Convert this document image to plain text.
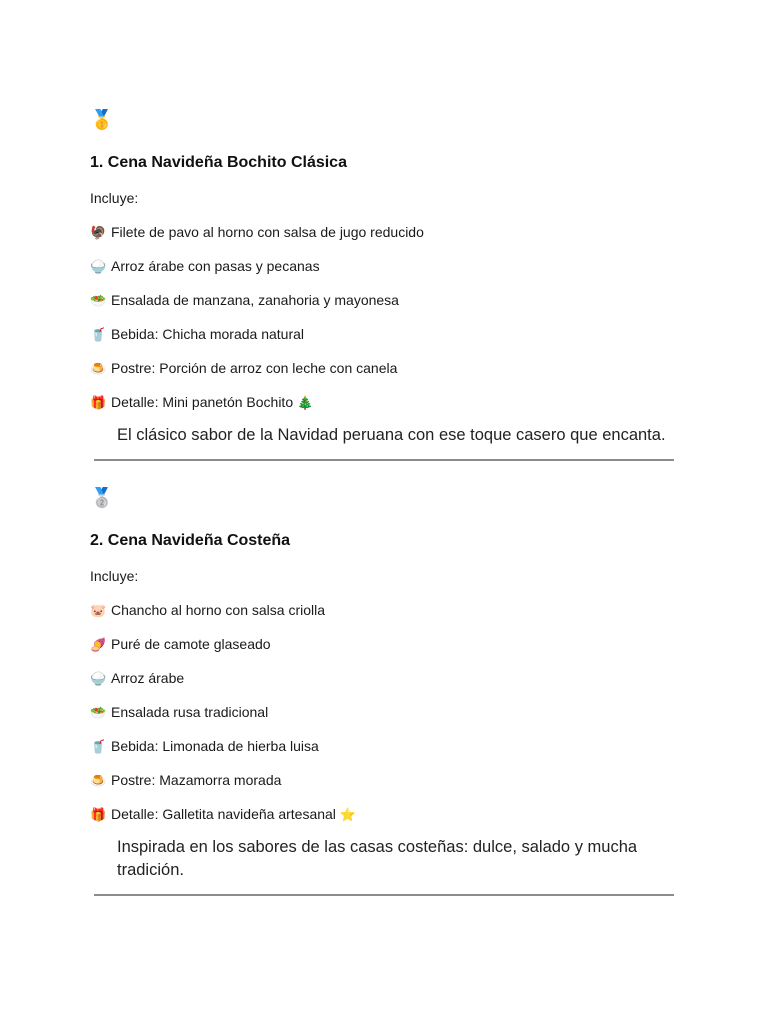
🥇
1. Cena Navideña Bochito Clásica

Incluye:

🦃 Filete de pavo al horno con salsa de jugo reducido
🍚 Arroz árabe con pasas y pecanas
🥗 Ensalada de manzana, zanahoria y mayonesa
🥤 Bebida: Chicha morada natural
🍮 Postre: Porción de arroz con leche con canela
🎁 Detalle: Mini panetón Bochito 🎄

El clásico sabor de la Navidad peruana con ese toque casero que encanta.

🥈
2. Cena Navideña Costeña

Incluye:

🐷 Chancho al horno con salsa criolla
🍠 Puré de camote glaseado
🍚 Arroz árabe
🥗 Ensalada rusa tradicional
🥤 Bebida: Limonada de hierba luisa
🍮 Postre: Mazamorra morada
🎁 Detalle: Galletita navideña artesanal ⭐

Inspirada en los sabores de las casas costeñas: dulce, salado y mucha tradición.
